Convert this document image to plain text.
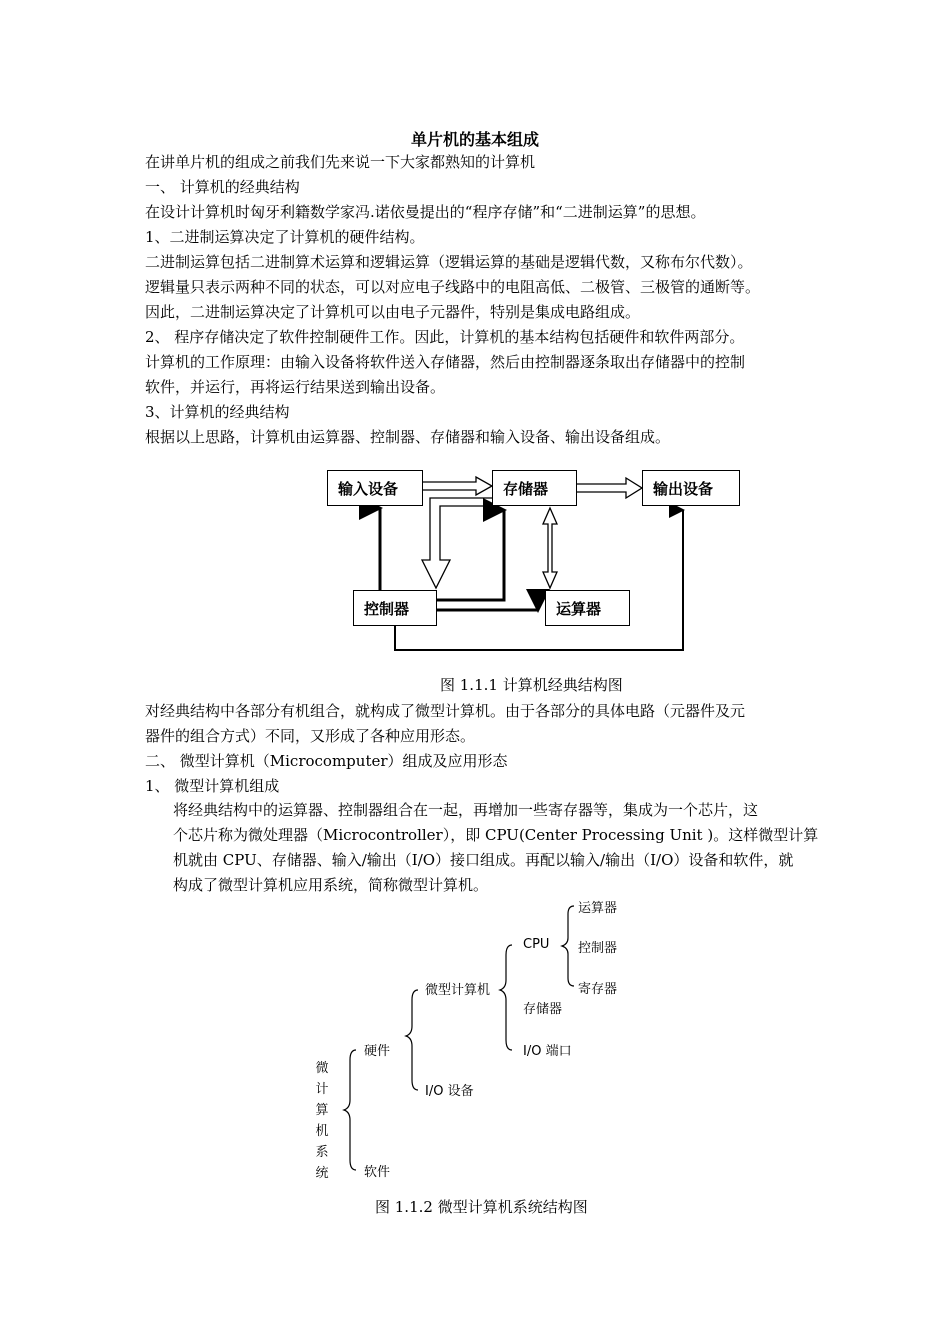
单片机的基本组成
在讲单片机的组成之前我们先来说一下大家都熟知的计算机
一、 计算机的经典结构
在设计计算机时匈牙利籍数学家冯.诺依曼提出的“程序存储”和“二进制运算”的思想。
1、二进制运算决定了计算机的硬件结构。
二进制运算包括二进制算术运算和逻辑运算（逻辑运算的基础是逻辑代数，又称布尔代数）。
逻辑量只表示两种不同的状态，可以对应电子线路中的电阻高低、二极管、三极管的通断等。
因此，二进制运算决定了计算机可以由电子元器件，特别是集成电路组成。
2、 程序存储决定了软件控制硬件工作。因此，计算机的基本结构包括硬件和软件两部分。
计算机的工作原理：由输入设备将软件送入存储器，然后由控制器逐条取出存储器中的控制
软件，并运行，再将运行结果送到输出设备。
3、计算机的经典结构
根据以上思路，计算机由运算器、控制器、存储器和输入设备、输出设备组成。
输入设备	存储器	输出设备
控制器	运算器
图 1.1.1 计算机经典结构图
对经典结构中各部分有机组合，就构成了微型计算机。由于各部分的具体电路（元器件及元
器件的组合方式）不同，又形成了各种应用形态。
二、 微型计算机（Microcomputer）组成及应用形态
1、 微型计算机组成
将经典结构中的运算器、控制器组合在一起，再增加一些寄存器等，集成为一个芯片，这
个芯片称为微处理器（Microcontroller），即 CPU(Center Processing Unit )。这样微型计算
机就由 CPU、存储器、输入/输出（I/O）接口组成。再配以输入/输出（I/O）设备和软件，就
构成了微型计算机应用系统，简称微型计算机。
微计算机系统
硬件
软件
微型计算机
I/O 设备
CPU
存储器
I/O 端口
运算器
控制器
寄存器
图 1.1.2 微型计算机系统结构图
